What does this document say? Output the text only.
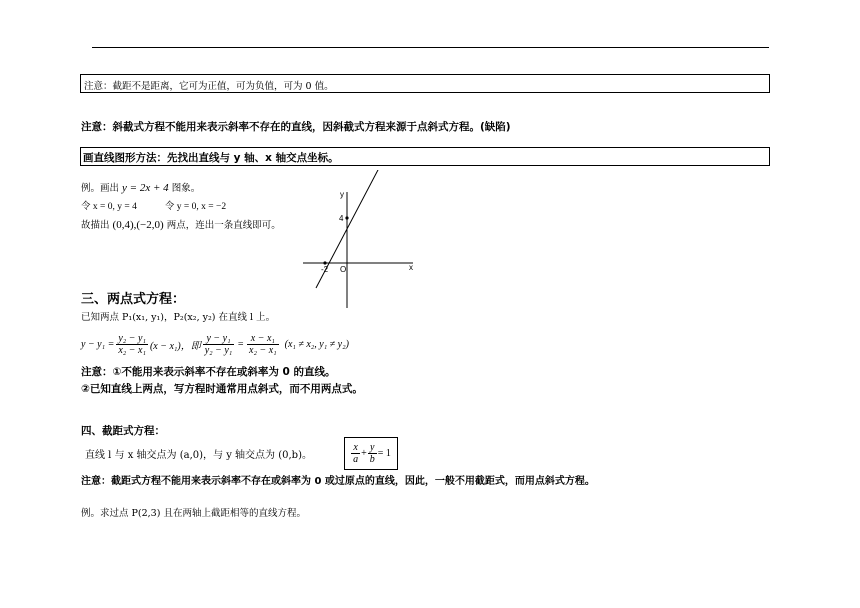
注意：截距不是距离，它可为正值，可为负值，可为 0 值。
注意：斜截式方程不能用来表示斜率不存在的直线，因斜截式方程来源于点斜式方程。(缺陷)
画直线图形方法：先找出直线与 y 轴、x 轴交点坐标。
例。画出 y = 2x + 4 图象。
令 x = 0, y = 4	令 y = 0, x = −2
故描出 (0,4),(−2,0) 两点，连出一条直线即可。
y
x
O
4
-2
三、两点式方程：
已知两点 P₁(x₁, y₁)，P₂(x₂, y₂) 在直线 l 上。
$y - y_1 = \frac{\text{y₂ − y₁}}{\text{x₂ − x₁}} (x - x_1)$，即 $\frac{\text{y − y₁}}{\text{y₂ − y₁}} = \frac{\text{x − x₁}}{\text{x₂ − x₁}} (x_1 \ne x_2$, y₁ ≠ y₂)
注意：①不能用来表示斜率不存在或斜率为 0 的直线。
②已知直线上两点，写方程时通常用点斜式，而不用两点式。
四、截距式方程：
直线 l 与 x 轴交点为 (a,0)，与 y 轴交点为 (0,b)。	$\frac{x}{a} + \frac{y}{b} = 1$
注意：截距式方程不能用来表示斜率不存在或斜率为 0 或过原点的直线，因此，一般不用截距式，而用点斜式方程。
例。求过点 P(2,3) 且在两轴上截距相等的直线方程。
